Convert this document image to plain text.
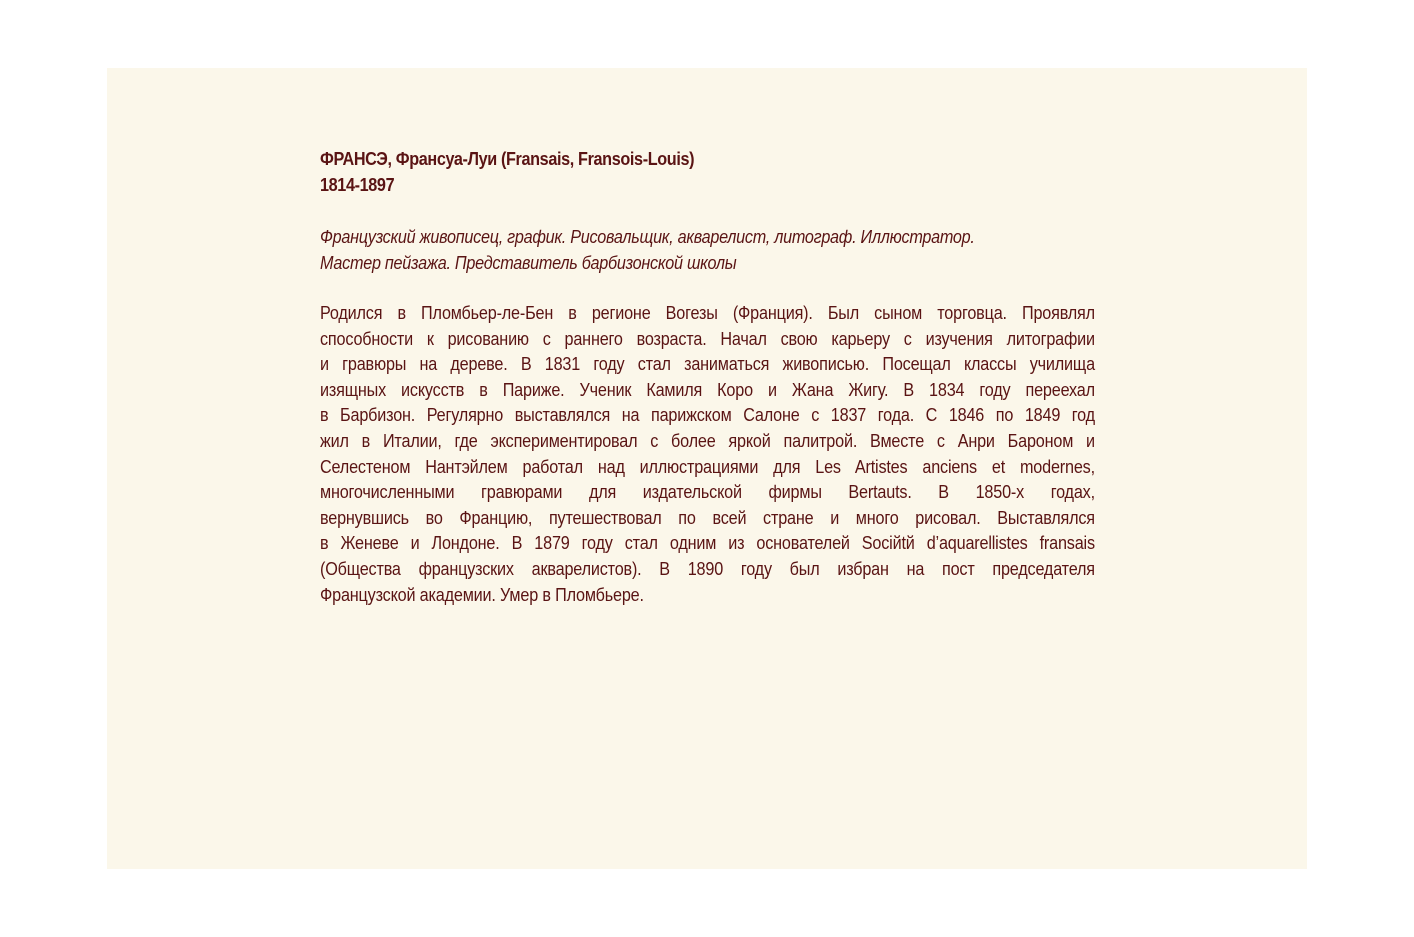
ФРАНСЭ, Франсуа-Луи (Fransais, Fransois-Louis)
1814-1897
Французский живописец, график. Рисовальщик, акварелист, литограф. Иллюстратор.
Мастер пейзажа. Представитель барбизонской школы
Родился в Пломбьер-ле-Бен в регионе Вогезы (Франция). Был сыном торговца. Проявлял
способности к рисованию с раннего возраста. Начал свою карьеру с изучения литографии
и гравюры на дереве. В 1831 году стал заниматься живописью. Посещал классы училища
изящных искусств в Париже. Ученик Камиля Коро и Жана Жигу. В 1834 году переехал
в Барбизон. Регулярно выставлялся на парижском Салоне с 1837 года. С 1846 по 1849 год
жил в Италии, где экспериментировал с более яркой палитрой. Вместе с Анри Бароном и
Селестеном Нантэйлем работал над иллюстрациями для Les Artistes anciens et modernes,
многочисленными гравюрами для издательской фирмы Bertauts. В 1850-х годах,
вернувшись во Францию, путешествовал по всей стране и много рисовал. Выставлялся
в Женеве и Лондоне. В 1879 году стал одним из основателей Sociйtй d’aquarellistes fransais
(Общества французских акварелистов). В 1890 году был избран на пост председателя
Французской академии. Умер в Пломбьере.
